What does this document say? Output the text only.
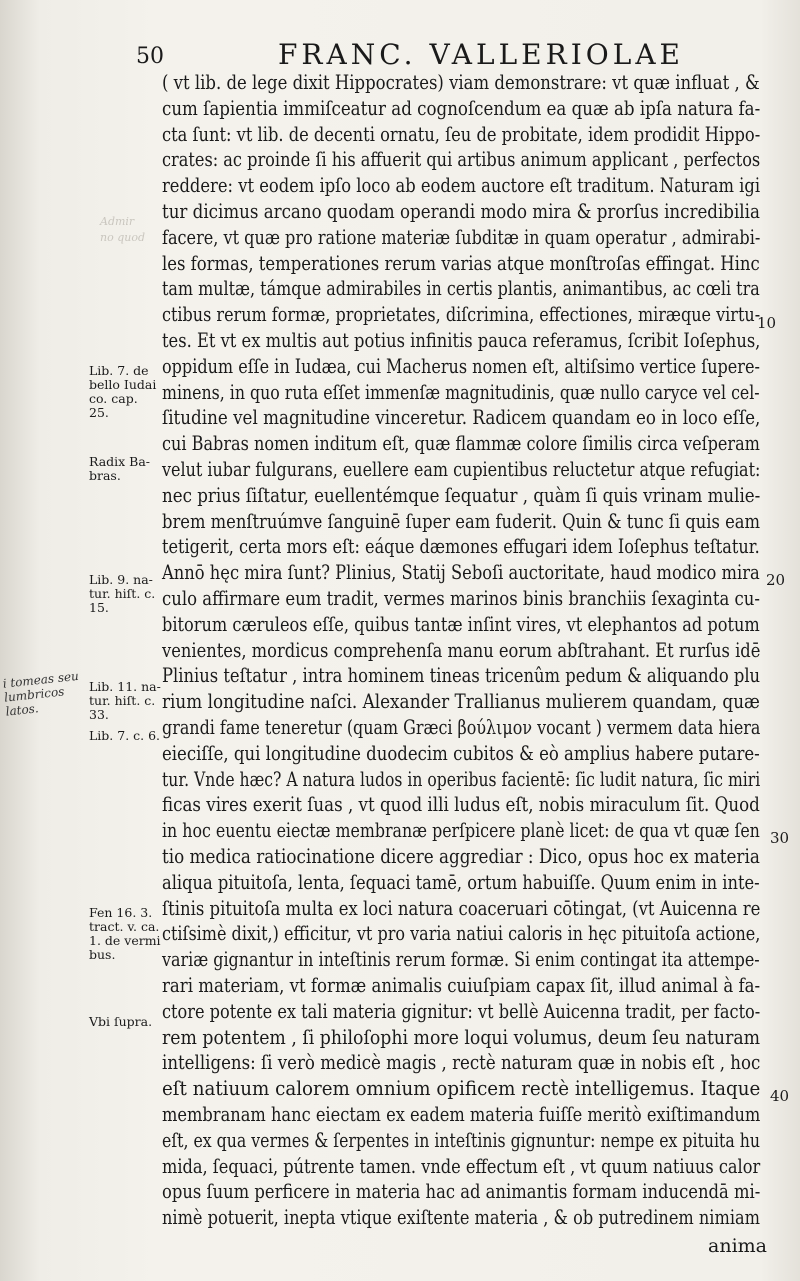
50	FRANC. VALLERIOLAE
Admir
no quod
i tomeas seu
lumbricos
latos.
Lib. 7. de
bello Iudai
co. cap. 25.
Radix Ba-
bras.
Lib. 9. na-
tur. hiſt. c.
15.
Lib. 11. na-
tur. hiſt. c.
33.
Lib. 7. c. 6.
Fen 16. 3.
tract. v. ca.
1. de vermi
bus.
Vbi ſupra.
10
20
30
40
( vt lib. de lege dixit Hippocrates) viam demonstrare: vt quæ influat , &
cum ſapientia immiſceatur ad cognoſcendum ea quæ ab ipſa natura fa-
cta ſunt: vt lib. de decenti ornatu, ſeu de probitate, idem prodidit Hippo-
crates: ac proinde ſi his affuerit qui artibus animum applicant , perfectos
reddere: vt eodem ipſo loco ab eodem auctore eſt traditum. Naturam igi
tur dicimus arcano quodam operandi modo mira & prorſus incredibilia
facere, vt quæ pro ratione materiæ ſubditæ in quam operatur , admirabi-
les formas, temperationes rerum varias atque monſtroſas effingat. Hinc
tam multæ, támque admirabiles in certis plantis, animantibus, ac cœli tra
ctibus rerum formæ, proprietates, diſcrimina, effectiones, miræque virtu-
tes. Et vt ex multis aut potius infinitis pauca referamus, ſcribit Ioſephus,
oppidum eſſe in Iudæa, cui Macherus nomen eſt, altiſsimo vertice ſupere-
minens, in quo ruta eſſet immenſæ magnitudinis, quæ nullo caryce vel cel-
ſitudine vel magnitudine vinceretur. Radicem quandam eo in loco eſſe,
cui Babras nomen inditum eſt, quæ flammæ colore ſimilis circa veſperam
velut iubar fulgurans, euellere eam cupientibus reluctetur atque refugiat:
nec prius ſiſtatur, euellentémque ſequatur , quàm ſi quis vrinam mulie-
brem menſtruúmve ſanguinē ſuper eam fuderit. Quin & tunc ſi quis eam
tetigerit, certa mors eſt: eáque dæmones effugari idem Ioſephus teſtatur.
Annō hęc mira ſunt? Plinius, Statij Seboſi auctoritate, haud modico mira
culo affirmare eum tradit, vermes marinos binis branchiis ſexaginta cu-
bitorum cæruleos eſſe, quibus tantæ inſint vires, vt elephantos ad potum
venientes, mordicus comprehenſa manu eorum abſtrahant. Et rurſus idē
Plinius teſtatur , intra hominem tineas tricenûm pedum & aliquando plu
rium longitudine naſci. Alexander Trallianus mulierem quandam, quæ
grandi fame teneretur (quam Græci βούλιμον vocant ) vermem data hiera
eieciſſe, qui longitudine duodecim cubitos & eò amplius habere putare-
tur. Vnde hæc? A natura ludos in operibus facientē: ſic ludit natura, ſic miri
ficas vires exerit ſuas , vt quod illi ludus eſt, nobis miraculum ſit. Quod
in hoc euentu eiectæ membranæ perſpicere planè licet: de qua vt quæ ſen
tio medica ratiocinatione dicere aggrediar : Dico, opus hoc ex materia
aliqua pituitoſa, lenta, ſequaci tamē, ortum habuiſſe. Quum enim in inte-
ſtinis pituitoſa multa ex loci natura coaceruari cōtingat, (vt Auicenna re
ctiſsimè dixit,) efficitur, vt pro varia natiui caloris in hęc pituitoſa actione,
variæ gignantur in inteſtinis rerum formæ. Si enim contingat ita attempe-
rari materiam, vt formæ animalis cuiuſpiam capax ſit, illud animal à fa-
ctore potente ex tali materia gignitur: vt bellè Auicenna tradit, per facto-
rem potentem , ſi philoſophi more loqui volumus, deum ſeu naturam
intelligens: ſi verò medicè magis , rectè naturam quæ in nobis eſt , hoc
eſt natiuum calorem omnium opificem rectè intelligemus. Itaque
membranam hanc eiectam ex eadem materia fuiſſe meritò exiſtimandum
eſt, ex qua vermes & ſerpentes in inteſtinis gignuntur: nempe ex pituita hu
mida, ſequaci, pútrente tamen. vnde effectum eſt , vt quum natiuus calor
opus ſuum perficere in materia hac ad animantis formam inducendā mi-
nimè potuerit, inepta vtique exiſtente materia , & ob putredinem nimiam
anima
